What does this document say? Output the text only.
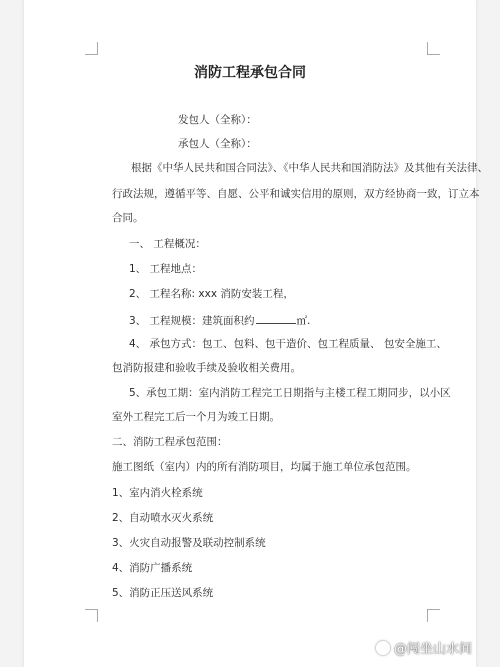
消防工程承包合同
发包人（全称）：
承包人（全称）：
根据《中华人民共和国合同法》、《中华人民共和国消防法》及其他有关法律、
行政法规，遵循平等、自愿、公平和诚实信用的原则，双方经协商一致，订立本
合同。
一、 工程概况：
1、 工程地点：
2、 工程名称: xxx 消防安装工程，
3、 工程规模：建筑面积约	㎡.
4、 承包方式：包工、包料、包干造价、包工程质量、 包安全施工、
包消防报建和验收手续及验收相关费用。
5、承包工期：室内消防工程完工日期指与主楼工程工期同步，以小区
室外工程完工后一个月为竣工日期。
二、消防工程承包范围：
施工图纸（室内）内的所有消防项目，均属于施工单位承包范围。
1、室内消火栓系统
2、自动喷水灭火系统
3、火灾自动报警及联动控制系统
4、消防广播系统
5、消防正压送风系统
@闯坐山水间
